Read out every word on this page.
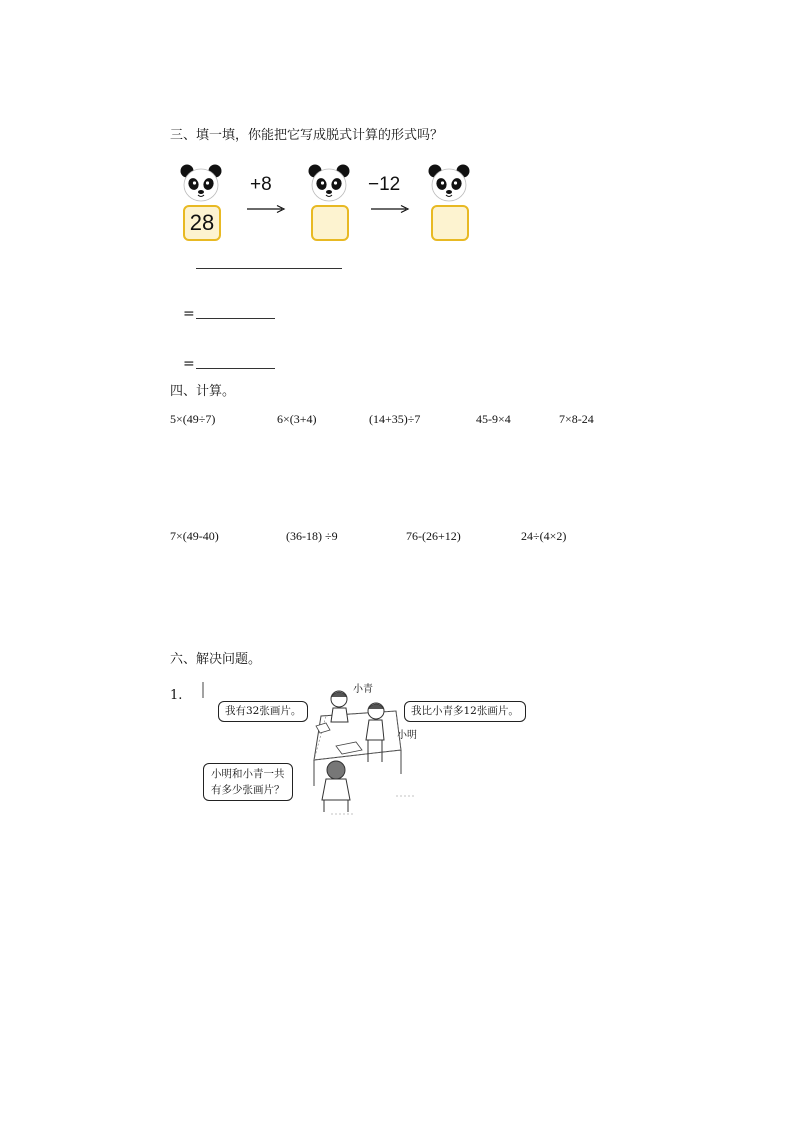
三、填一填，你能把它写成脱式计算的形式吗？
28
+8	−12
=
=
四、计算。
5×(49÷7)	6×(3+4)	(14+35)÷7	45-9×4	7×8-24
7×(49-40)	(36-18) ÷9	76-(26+12)	24÷(4×2)
六、解决问题。
1.
我有32张画片。	我比小青多12张画片。
小明和小青一共
有多少张画片？
小青
小明
